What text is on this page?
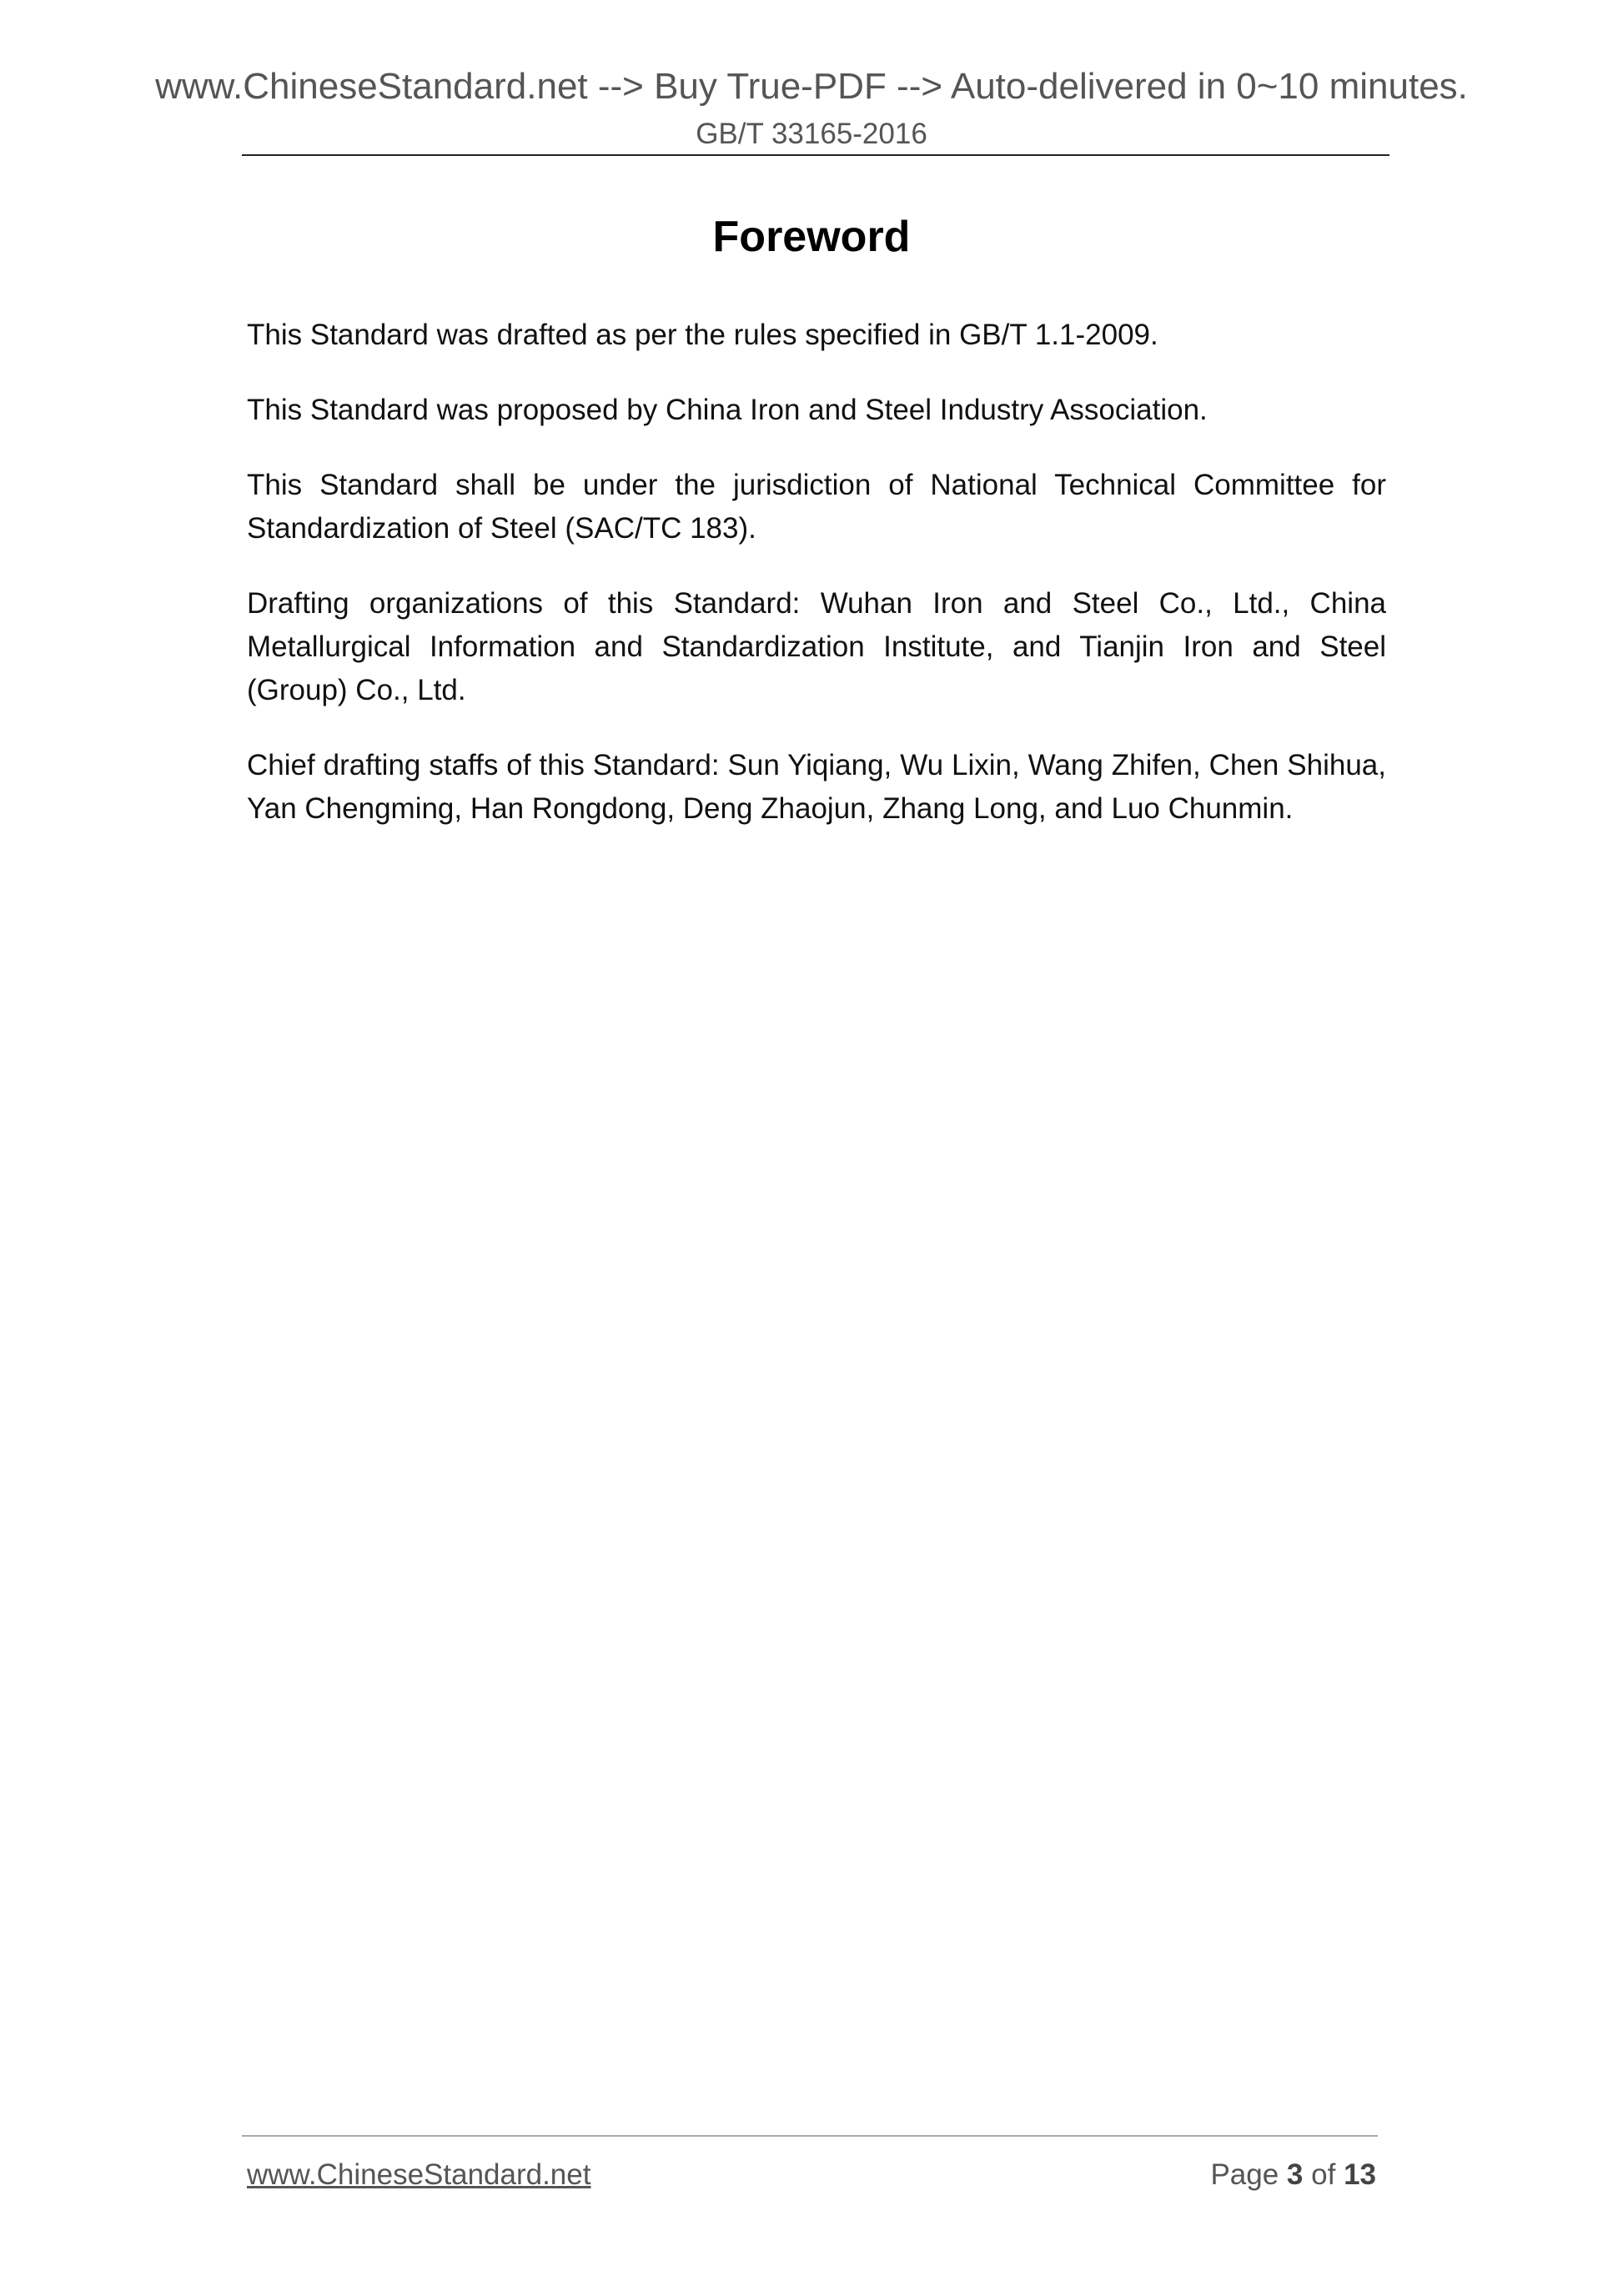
www.ChineseStandard.net --> Buy True-PDF --> Auto-delivered in 0~10 minutes.
GB/T 33165-2016
Foreword

This Standard was drafted as per the rules specified in GB/T 1.1-2009.

This Standard was proposed by China Iron and Steel Industry Association.

This Standard shall be under the jurisdiction of National Technical Committee for Standardization of Steel (SAC/TC 183).

Drafting organizations of this Standard: Wuhan Iron and Steel Co., Ltd., China Metallurgical Information and Standardization Institute, and Tianjin Iron and Steel (Group) Co., Ltd.

Chief drafting staffs of this Standard: Sun Yiqiang, Wu Lixin, Wang Zhifen, Chen Shihua, Yan Chengming, Han Rongdong, Deng Zhaojun, Zhang Long, and Luo Chunmin.

www.ChineseStandard.net	Page 3 of 13
